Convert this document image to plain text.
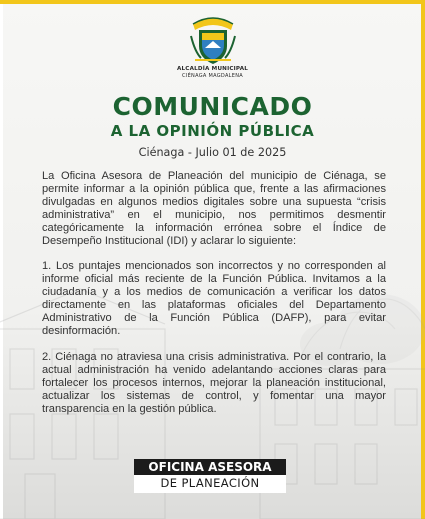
ALCALDÍA MUNICIPAL
CIÉNAGA MAGDALENA
COMUNICADO
A LA OPINIÓN PÚBLICA
Ciénaga - Julio 01 de 2025

La Oficina Asesora de Planeación del municipio de Ciénaga, se permite informar a la opinión pública que, frente a las afirmaciones divulgadas en algunos medios digitales sobre una supuesta “crisis administrativa” en el municipio, nos permitimos desmentir categóricamente la información errónea sobre el Índice de Desempeño Institucional (IDI) y aclarar lo siguiente:

1. Los puntajes mencionados son incorrectos y no corresponden al informe oficial más reciente de la Función Pública. Invitamos a la ciudadanía y a los medios de comunicación a verificar los datos directamente en las plataformas oficiales del Departamento Administrativo de la Función Pública (DAFP), para evitar desinformación.

2. Ciénaga no atraviesa una crisis administrativa. Por el contrario, la actual administración ha venido adelantando acciones claras para fortalecer los procesos internos, mejorar la planeación institucional, actualizar los sistemas de control, y fomentar una mayor transparencia en la gestión pública.

OFICINA ASESORA
DE PLANEACIÓN
